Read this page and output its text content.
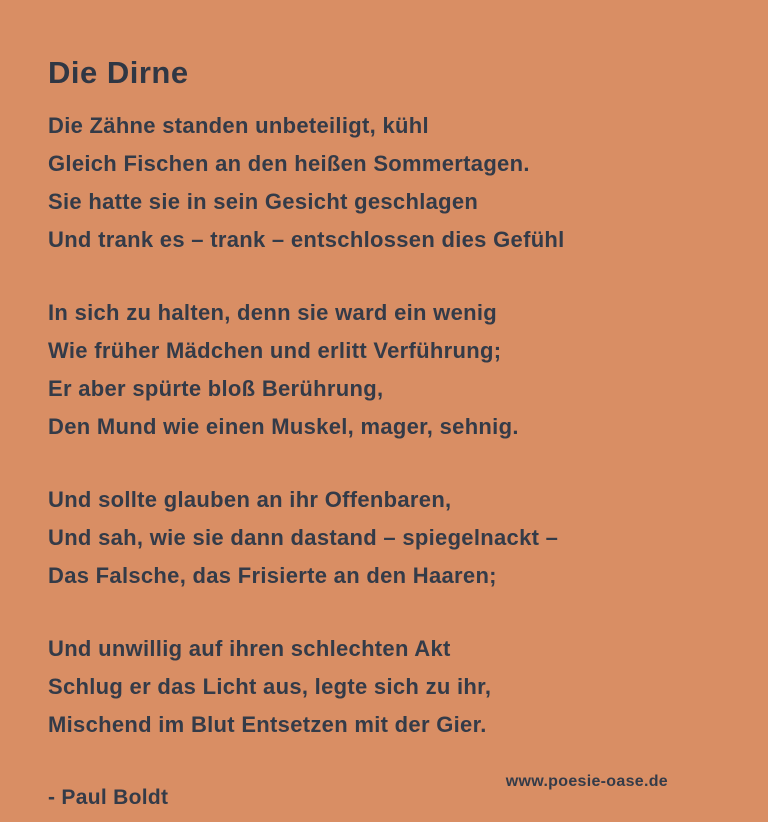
Die Dirne
Die Zähne standen unbeteiligt, kühl
Gleich Fischen an den heißen Sommertagen.
Sie hatte sie in sein Gesicht geschlagen
Und trank es – trank – entschlossen dies Gefühl
In sich zu halten, denn sie ward ein wenig
Wie früher Mädchen und erlitt Verführung;
Er aber spürte bloß Berührung,
Den Mund wie einen Muskel, mager, sehnig.
Und sollte glauben an ihr Offenbaren,
Und sah, wie sie dann dastand – spiegelnackt –
Das Falsche, das Frisierte an den Haaren;
Und unwillig auf ihren schlechten Akt
Schlug er das Licht aus, legte sich zu ihr,
Mischend im Blut Entsetzen mit der Gier.
- Paul Boldt
www.poesie-oase.de
